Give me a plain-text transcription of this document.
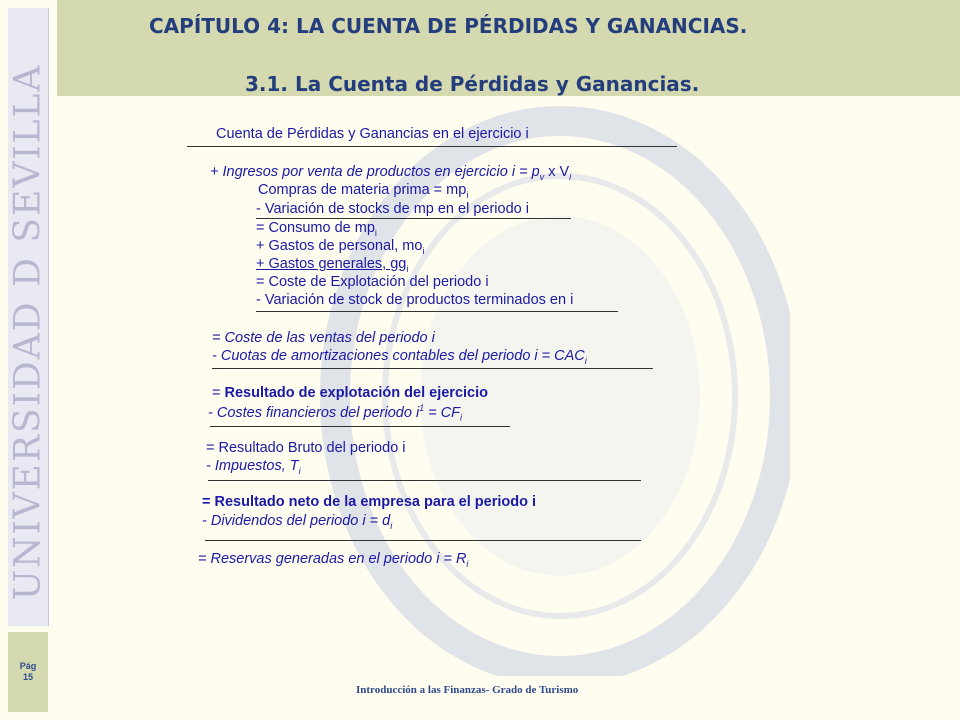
CAPÍTULO 4: LA CUENTA DE PÉRDIDAS Y GANANCIAS.
3.1. La Cuenta de Pérdidas y Ganancias.
UNIVERSIDAD D SEVILLA
Pág
15
Cuenta de Pérdidas y Ganancias en el ejercicio i
+ Ingresos por venta de productos en ejercicio $i = p_v$ x $V_i$
Compras de materia prima = $mp_i$
- Variación de stocks de mp en el periodo i
= Consumo de $mp_i$
+ Gastos de personal, $mo_i$
+ Gastos generales, $gg_i$
= Coste de Explotación del periodo i
- Variación de stock de productos terminados en i
= Coste de las ventas del periodo i
- Cuotas de amortizaciones contables del periodo $i = CAC_i$
= Resultado de explotación del ejercicio
- Costes financieros del periodo $i^1 = CF_i$
= Resultado Bruto del periodo i
- Impuestos, $T_i$
= Resultado neto de la empresa para el periodo i
- Dividendos del periodo $i = d_i$
= Reservas generadas en el periodo $i = R_i$
Introducción a las Finanzas- Grado de Turismo
